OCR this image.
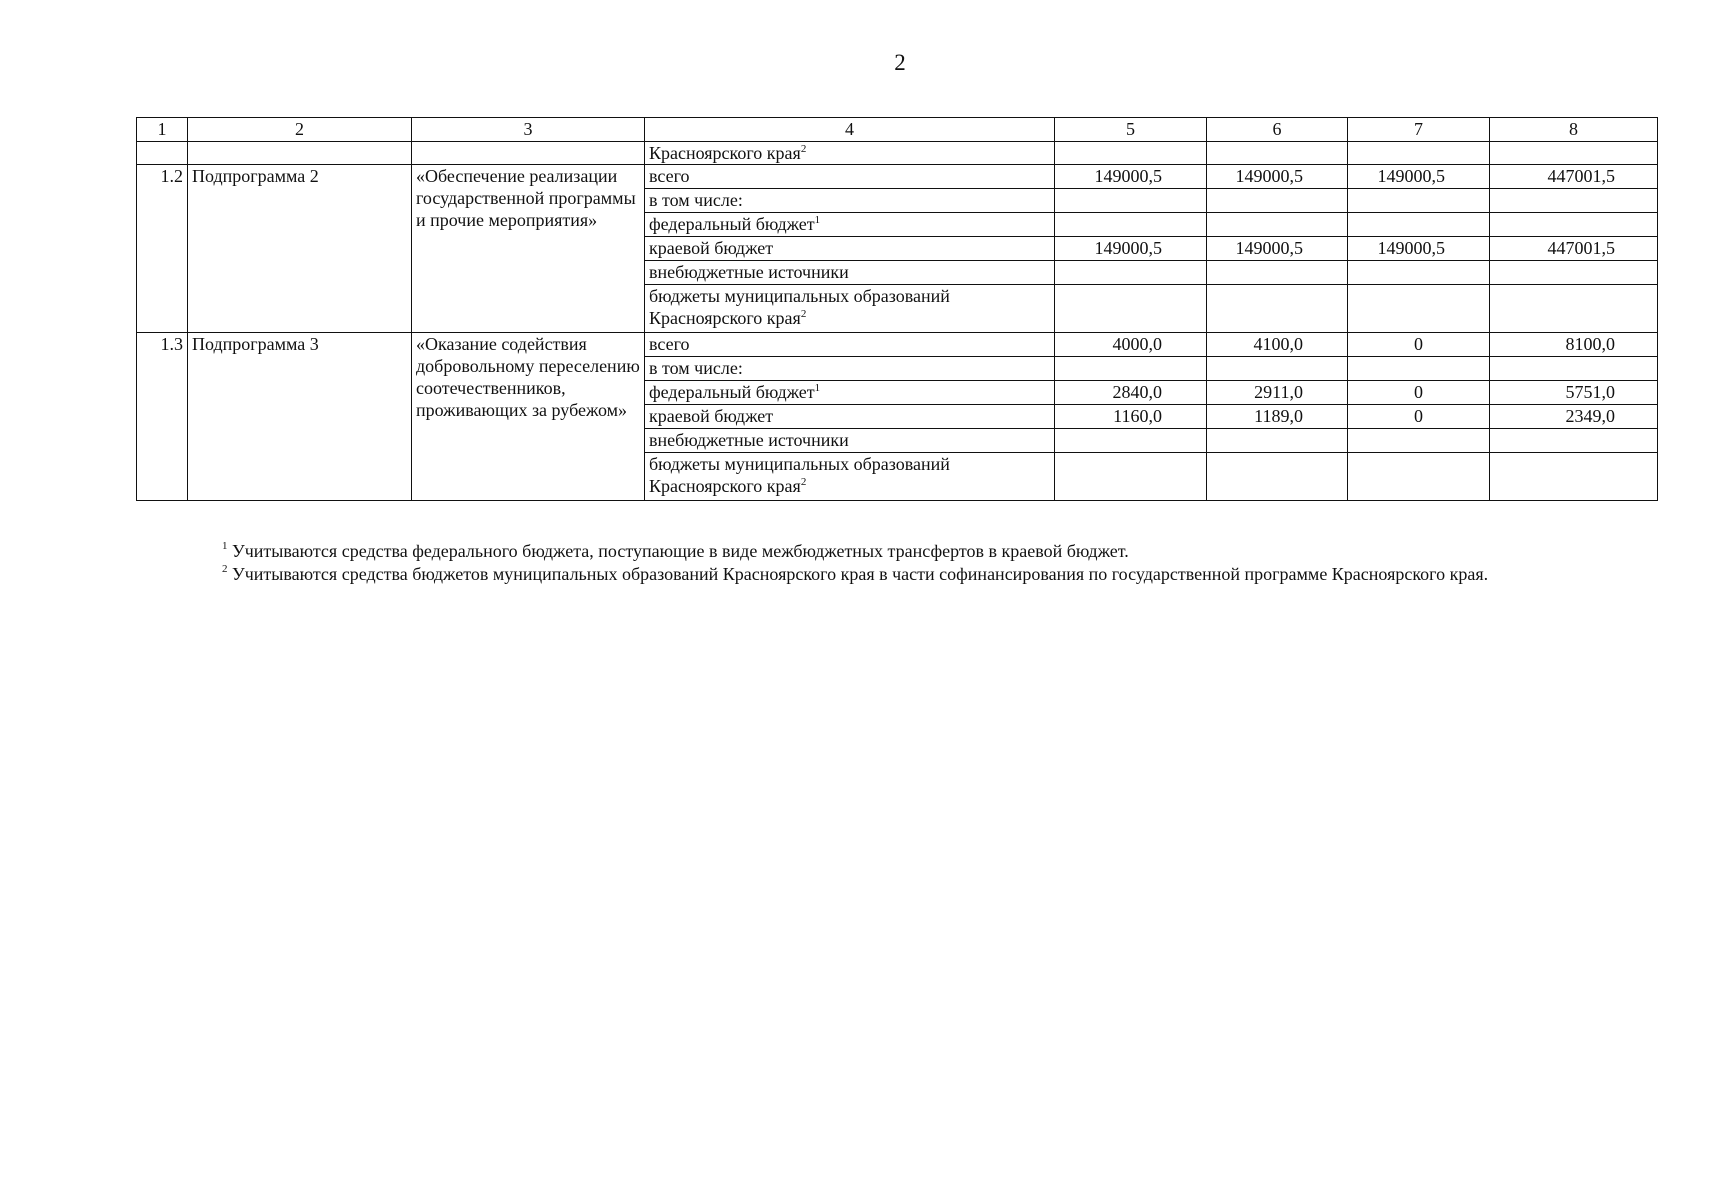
2
1	2	3	4	5	6	7	8
			Красноярского края$^2$				
1.2	Подпрограмма 2	«Обеспечение реализации государственной программы и прочие мероприятия»	всего	149000,5	149000,5	149000,5	447001,5
			в том числе:				
			федеральный бюджет$^1$				
			краевой бюджет	149000,5	149000,5	149000,5	447001,5
			внебюджетные источники				
			бюджеты муниципальных образований Красноярского края$^2$				
1.3	Подпрограмма 3	«Оказание содействия добровольному переселению соотечественников, проживающих за рубежом»	всего	4000,0	4100,0	0	8100,0
			в том числе:				
			федеральный бюджет$^1$	2840,0	2911,0	0	5751,0
			краевой бюджет	1160,0	1189,0	0	2349,0
			внебюджетные источники				
			бюджеты муниципальных образований Красноярского края$^2$				
$^1$ Учитываются средства федерального бюджета, поступающие в виде межбюджетных трансфертов в краевой бюджет.
$^2$ Учитываются средства бюджетов муниципальных образований Красноярского края в части софинансирования по государственной программе Красноярского края.
